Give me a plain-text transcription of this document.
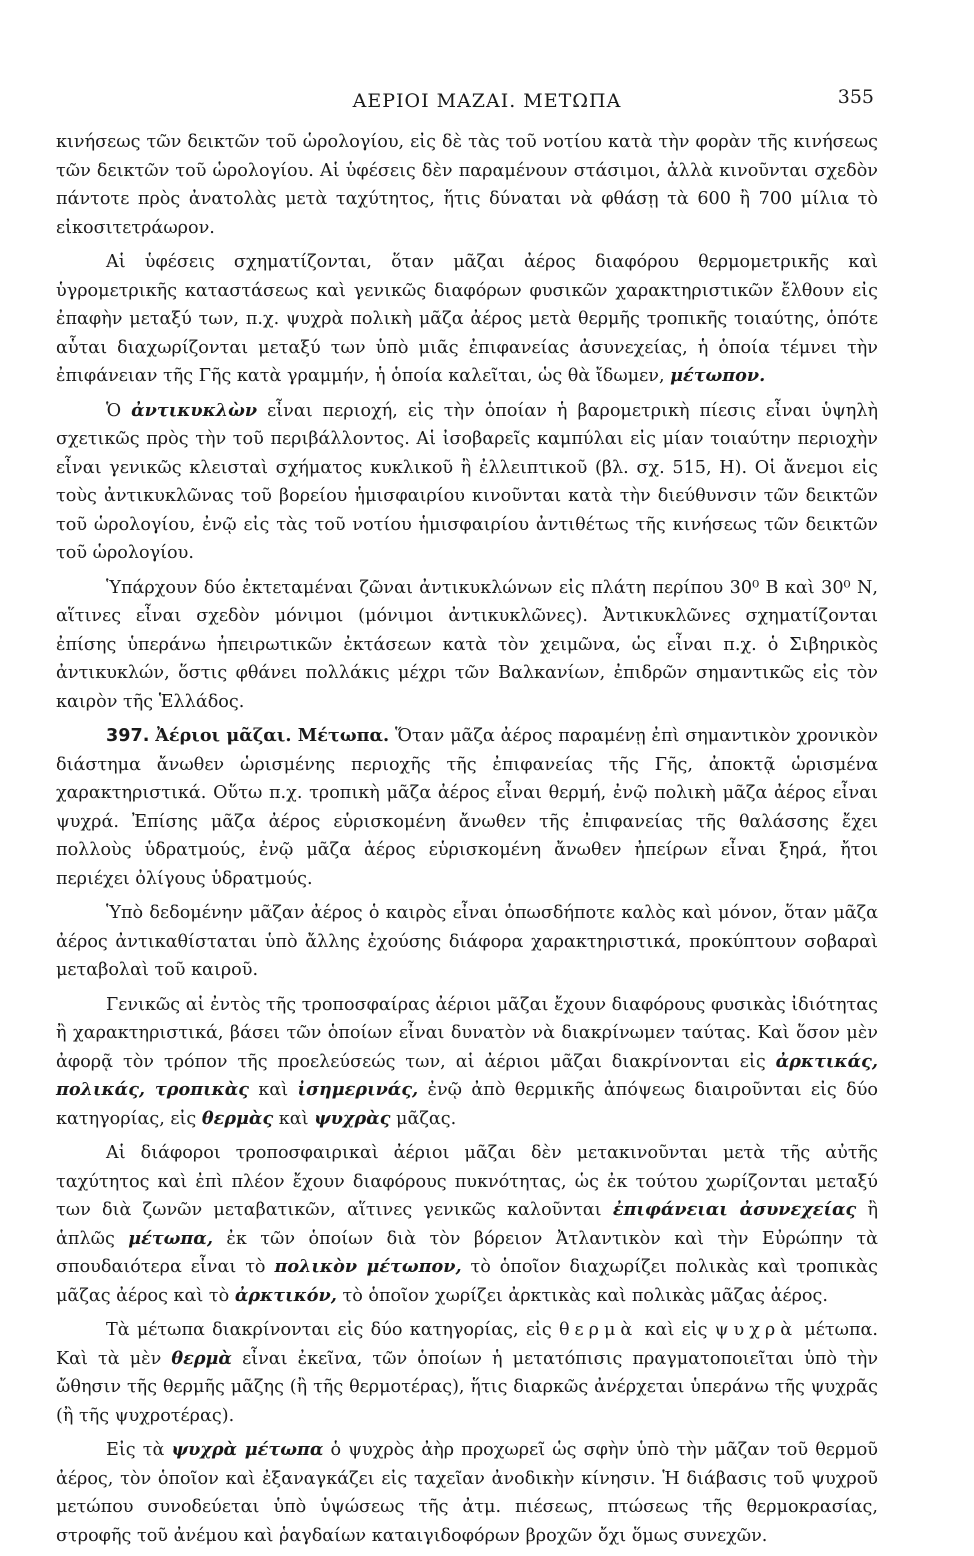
ΑΕΡΙΟΙ ΜΑΖΑΙ. ΜΕΤΩΠΑ	355

κινήσεως τῶν δεικτῶν τοῦ ὡρολογίου, εἰς δὲ τὰς τοῦ νοτίου κατὰ τὴν φορὰν τῆς κινήσεως τῶν δεικτῶν τοῦ ὡρολογίου. Αἱ ὑφέσεις δὲν παραμένουν στάσιμοι, ἀλλὰ κινοῦνται σχεδὸν πάντοτε πρὸς ἀνατολὰς μετὰ ταχύτητος, ἥτις δύναται νὰ φθάσῃ τὰ 600 ἢ 700 μίλια τὸ εἰκοσιτετράωρον.

Αἱ ὑφέσεις σχηματίζονται, ὅταν μᾶζαι ἀέρος διαφόρου θερμομετρικῆς καὶ ὑγρομετρικῆς καταστάσεως καὶ γενικῶς διαφόρων φυσικῶν χαρακτηριστικῶν ἔλθουν εἰς ἐπαφὴν μεταξύ των, π.χ. ψυχρὰ πολικὴ μᾶζα ἀέρος μετὰ θερμῆς τροπικῆς τοιαύτης, ὁπότε αὗται διαχωρίζονται μεταξύ των ὑπὸ μιᾶς ἐπιφανείας ἀσυνεχείας, ἡ ὁποία τέμνει τὴν ἐπιφάνειαν τῆς Γῆς κατὰ γραμμήν, ἡ ὁποία καλεῖται, ὡς θὰ ἴδωμεν, μέτωπον.

Ὁ ἀντικυκλὼν εἶναι περιοχή, εἰς τὴν ὁποίαν ἡ βαρομετρικὴ πίεσις εἶναι ὑψηλὴ σχετικῶς πρὸς τὴν τοῦ περιβάλλοντος. Αἱ ἰσοβαρεῖς καμπύλαι εἰς μίαν τοιαύτην περιοχὴν εἶναι γενικῶς κλεισταὶ σχήματος κυκλικοῦ ἢ ἐλλειπτικοῦ (βλ. σχ. 515, Η). Οἱ ἄνεμοι εἰς τοὺς ἀντικυκλῶνας τοῦ βορείου ἡμισφαιρίου κινοῦνται κατὰ τὴν διεύθυνσιν τῶν δεικτῶν τοῦ ὡρολογίου, ἐνῷ εἰς τὰς τοῦ νοτίου ἡμισφαιρίου ἀντιθέτως τῆς κινήσεως τῶν δεικτῶν τοῦ ὡρολογίου.

Ὑπάρχουν δύο ἐκτεταμέναι ζῶναι ἀντικυκλώνων εἰς πλάτη περίπου 30⁰ Β καὶ 30⁰ Ν, αἵτινες εἶναι σχεδὸν μόνιμοι (μόνιμοι ἀντικυκλῶνες). Ἀντικυκλῶνες σχηματίζονται ἐπίσης ὑπεράνω ἠπειρωτικῶν ἐκτάσεων κατὰ τὸν χειμῶνα, ὡς εἶναι π.χ. ὁ Σιβηρικὸς ἀντικυκλών, ὅστις φθάνει πολλάκις μέχρι τῶν Βαλκανίων, ἐπιδρῶν σημαντικῶς εἰς τὸν καιρὸν τῆς Ἑλλάδος.

397. Ἀέριοι μᾶζαι. Μέτωπα. Ὅταν μᾶζα ἀέρος παραμένῃ ἐπὶ σημαντικὸν χρονικὸν διάστημα ἄνωθεν ὡρισμένης περιοχῆς τῆς ἐπιφανείας τῆς Γῆς, ἀποκτᾷ ὡρισμένα χαρακτηριστικά. Οὕτω π.χ. τροπικὴ μᾶζα ἀέρος εἶναι θερμή, ἐνῷ πολικὴ μᾶζα ἀέρος εἶναι ψυχρά. Ἐπίσης μᾶζα ἀέρος εὑρισκομένη ἄνωθεν τῆς ἐπιφανείας τῆς θαλάσσης ἔχει πολλοὺς ὑδρατμούς, ἐνῷ μᾶζα ἀέρος εὑρισκομένη ἄνωθεν ἠπείρων εἶναι ξηρά, ἤτοι περιέχει ὀλίγους ὑδρατμούς.

Ὑπὸ δεδομένην μᾶζαν ἀέρος ὁ καιρὸς εἶναι ὁπωσδήποτε καλὸς καὶ μόνον, ὅταν μᾶζα ἀέρος ἀντικαθίσταται ὑπὸ ἄλλης ἐχούσης διάφορα χαρακτηριστικά, προκύπτουν σοβαραὶ μεταβολαὶ τοῦ καιροῦ.

Γενικῶς αἱ ἐντὸς τῆς τροποσφαίρας ἀέριοι μᾶζαι ἔχουν διαφόρους φυσικὰς ἰδιότητας ἢ χαρακτηριστικά, βάσει τῶν ὁποίων εἶναι δυνατὸν νὰ διακρίνωμεν ταύτας. Καὶ ὅσον μὲν ἀφορᾷ τὸν τρόπον τῆς προελεύσεώς των, αἱ ἀέριοι μᾶζαι διακρίνονται εἰς ἀρκτικάς, πολικάς, τροπικὰς καὶ ἰσημερινάς, ἐνῷ ἀπὸ θερμικῆς ἀπόψεως διαιροῦνται εἰς δύο κατηγορίας, εἰς θερμὰς καὶ ψυχρὰς μᾶζας.

Αἱ διάφοροι τροποσφαιρικαὶ ἀέριοι μᾶζαι δὲν μετακινοῦνται μετὰ τῆς αὐτῆς ταχύτητος καὶ ἐπὶ πλέον ἔχουν διαφόρους πυκνότητας, ὡς ἐκ τούτου χωρίζονται μεταξύ των διὰ ζωνῶν μεταβατικῶν, αἵτινες γενικῶς καλοῦνται ἐπιφάνειαι ἀσυνεχείας ἢ ἁπλῶς μέτωπα, ἐκ τῶν ὁποίων διὰ τὸν βόρειον Ἀτλαντικὸν καὶ τὴν Εὐρώπην τὰ σπουδαιότερα εἶναι τὸ πολικὸν μέτωπον, τὸ ὁποῖον διαχωρίζει πολικὰς καὶ τροπικὰς μᾶζας ἀέρος καὶ τὸ ἀρκτικόν, τὸ ὁποῖον χωρίζει ἀρκτικὰς καὶ πολικὰς μᾶζας ἀέρος.

Τὰ μέτωπα διακρίνονται εἰς δύο κατηγορίας, εἰς θερμὰ καὶ εἰς ψυχρὰ μέτωπα. Καὶ τὰ μὲν θερμὰ εἶναι ἐκεῖνα, τῶν ὁποίων ἡ μετατόπισις πραγματοποιεῖται ὑπὸ τὴν ὤθησιν τῆς θερμῆς μᾶζης (ἢ τῆς θερμοτέρας), ἥτις διαρκῶς ἀνέρχεται ὑπεράνω τῆς ψυχρᾶς (ἢ τῆς ψυχροτέρας).

Εἰς τὰ ψυχρὰ μέτωπα ὁ ψυχρὸς ἀὴρ προχωρεῖ ὡς σφὴν ὑπὸ τὴν μᾶζαν τοῦ θερμοῦ ἀέρος, τὸν ὁποῖον καὶ ἐξαναγκάζει εἰς ταχεῖαν ἀνοδικὴν κίνησιν. Ἡ διάβασις τοῦ ψυχροῦ μετώπου συνοδεύεται ὑπὸ ὑψώσεως τῆς ἀτμ. πιέσεως, πτώσεως τῆς θερμοκρασίας, στροφῆς τοῦ ἀνέμου καὶ ῥαγδαίων καταιγιδοφόρων βροχῶν ὄχι ὅμως συνεχῶν.
